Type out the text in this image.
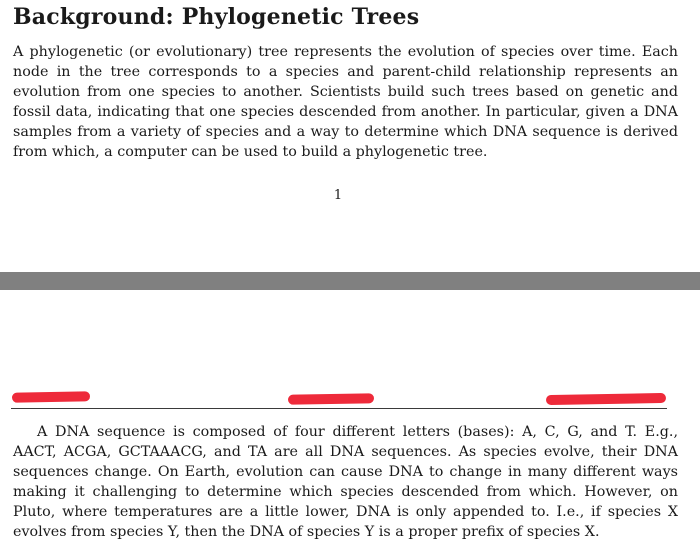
Background: Phylogenetic Trees

A phylogenetic (or evolutionary) tree represents the evolution of species over time. Each node in the tree corresponds to a species and parent-child relationship represents an evolution from one species to another. Scientists build such trees based on genetic and fossil data, indicating that one species descended from another. In particular, given a DNA samples from a variety of species and a way to determine which DNA sequence is derived from which, a computer can be used to build a phylogenetic tree.

1

A DNA sequence is composed of four different letters (bases): A, C, G, and T. E.g., AACT, ACGA, GCTAAACG, and TA are all DNA sequences. As species evolve, their DNA sequences change. On Earth, evolution can cause DNA to change in many different ways making it challenging to determine which species descended from which. However, on Pluto, where temperatures are a little lower, DNA is only appended to. I.e., if species X evolves from species Y, then the DNA of species Y is a proper prefix of species X.
